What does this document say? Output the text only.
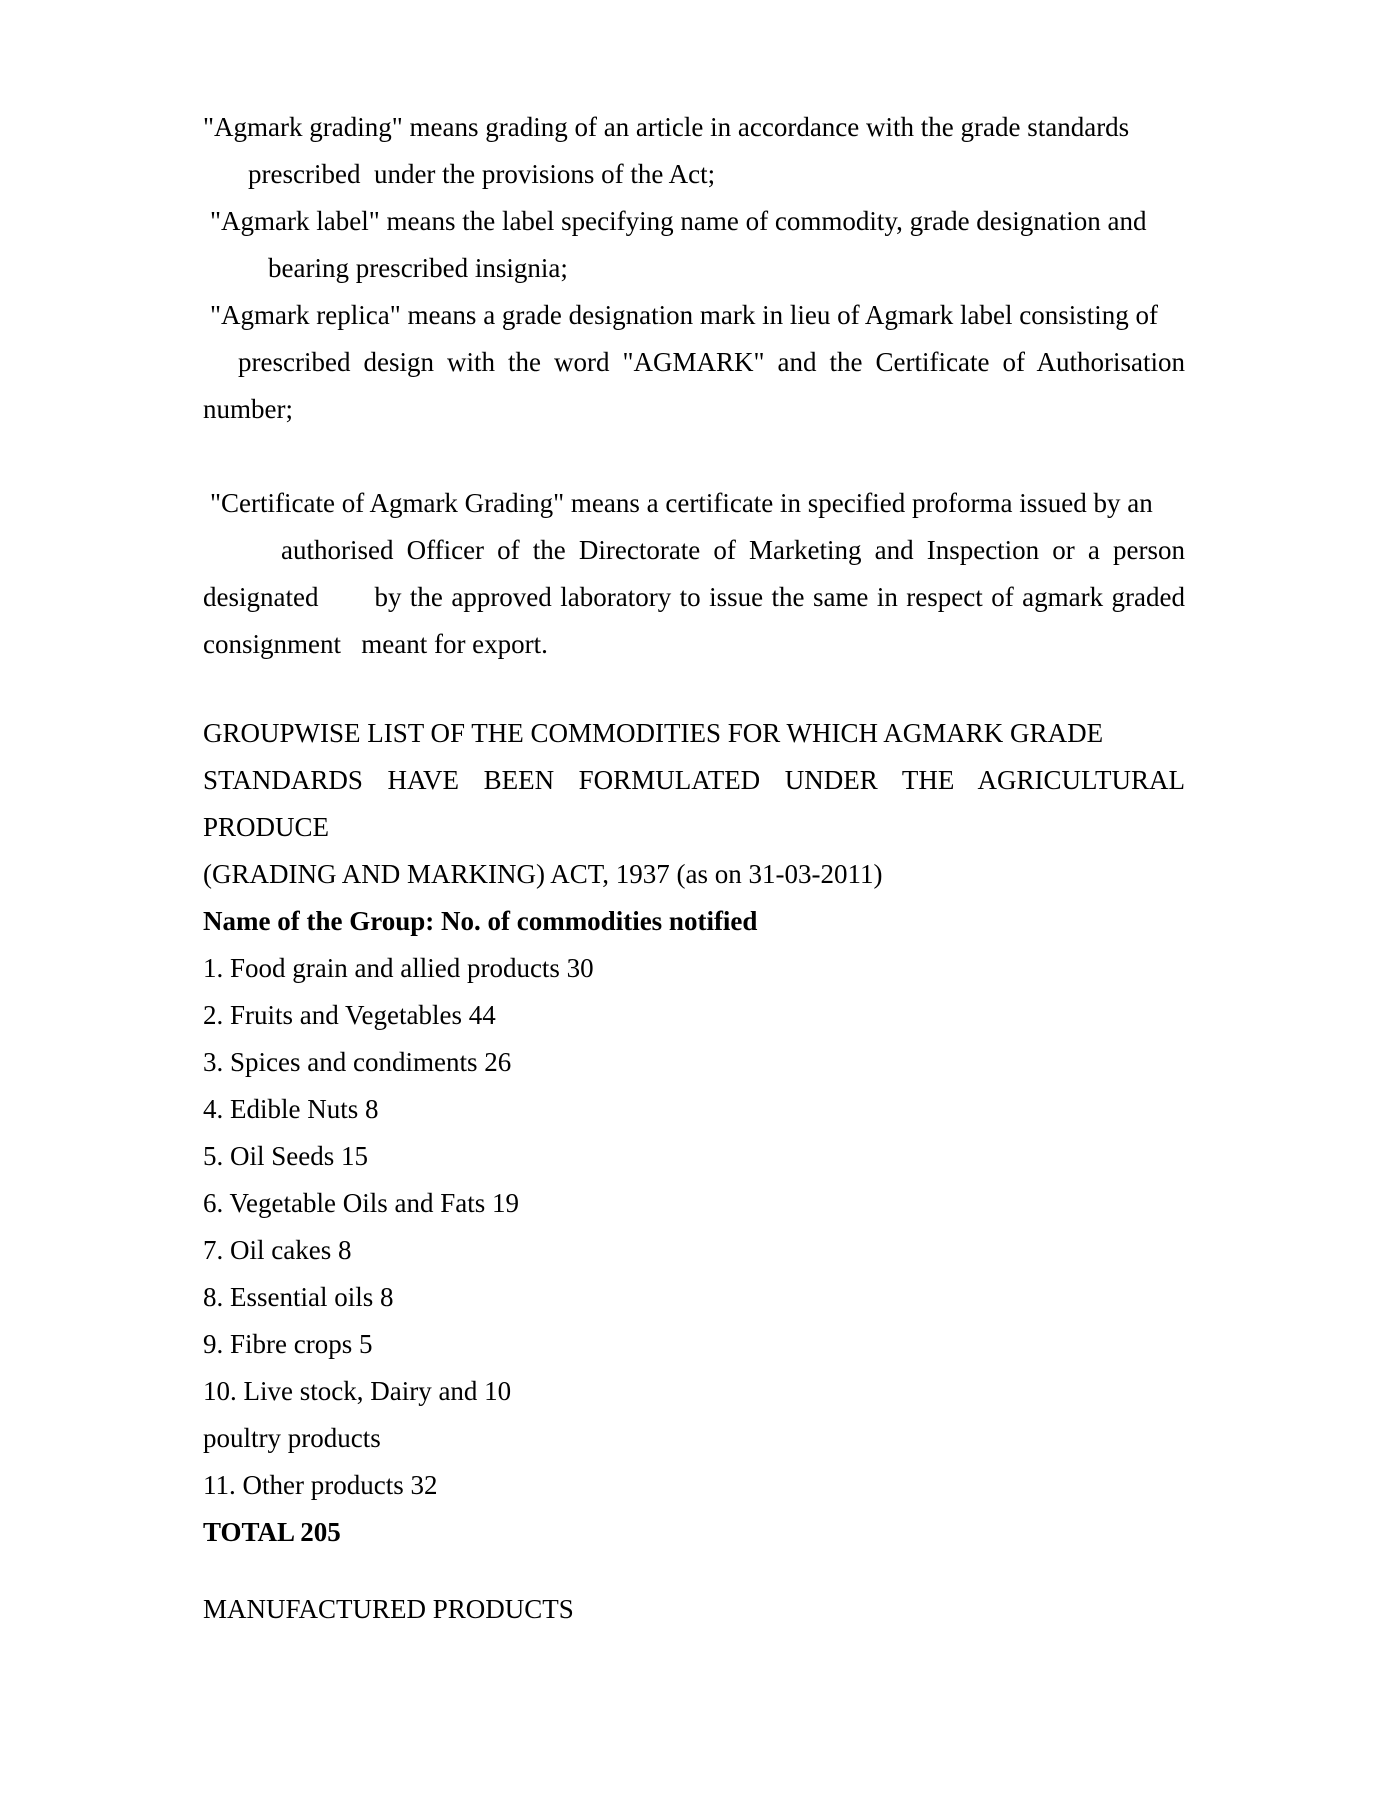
"Agmark grading" means grading of an article in accordance with the grade standards
prescribed  under the provisions of the Act;
"Agmark label" means the label specifying name of commodity, grade designation and
bearing prescribed insignia;
"Agmark replica" means a grade designation mark in lieu of Agmark label consisting of
prescribed design with the word "AGMARK" and the Certificate of Authorisation
number;
"Certificate of Agmark Grading" means a certificate in specified proforma issued by an
authorised Officer of the Directorate of Marketing and Inspection or a person
designated by the approved laboratory to issue the same in respect of agmark graded
consignment   meant for export.
GROUPWISE LIST OF THE COMMODITIES FOR WHICH AGMARK GRADE
STANDARDS HAVE BEEN FORMULATED UNDER THE AGRICULTURAL
PRODUCE
(GRADING AND MARKING) ACT, 1937 (as on 31-03-2011)
Name of the Group: No. of commodities notified
1. Food grain and allied products 30
2. Fruits and Vegetables 44
3. Spices and condiments 26
4. Edible Nuts 8
5. Oil Seeds 15
6. Vegetable Oils and Fats 19
7. Oil cakes 8
8. Essential oils 8
9. Fibre crops 5
10. Live stock, Dairy and 10
poultry products
11. Other products 32
TOTAL 205
MANUFACTURED PRODUCTS
